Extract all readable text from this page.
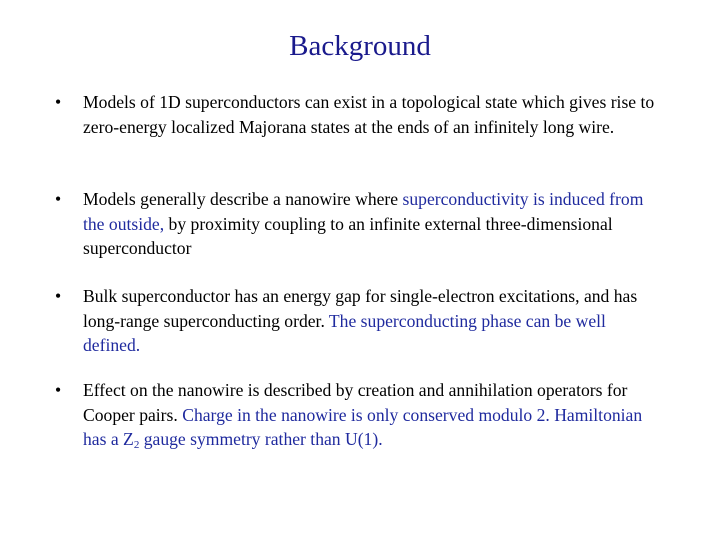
Background
• Models of 1D superconductors can exist in a topological state which gives rise to zero-energy localized Majorana states at the ends of an infinitely long wire.
• Models generally describe a nanowire where superconductivity is induced from the outside, by proximity coupling to an infinite external three-dimensional superconductor
• Bulk superconductor has an energy gap for single-electron excitations, and has long-range superconducting order. The superconducting phase can be well defined.
• Effect on the nanowire is described by creation and annihilation operators for Cooper pairs. Charge in the nanowire is only conserved modulo 2. Hamiltonian has a $Z_2$ gauge symmetry rather than U(1).
